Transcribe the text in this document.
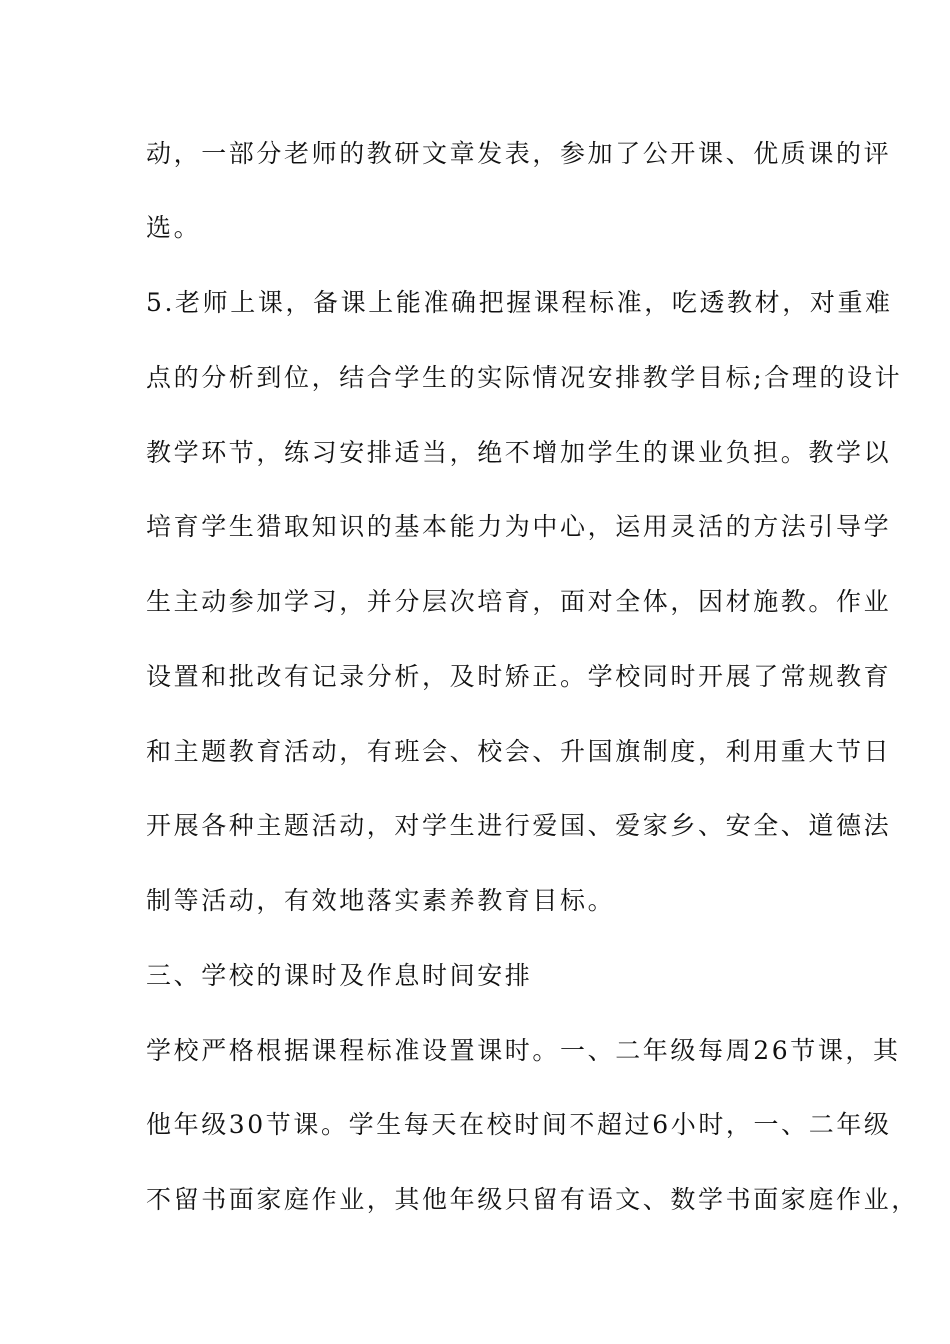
动，一部分老师的教研文章发表，参加了公开课、优质课的评
选。
5.老师上课，备课上能准确把握课程标准，吃透教材，对重难
点的分析到位，结合学生的实际情况安排教学目标;合理的设计
教学环节，练习安排适当，绝不增加学生的课业负担。教学以
培育学生猎取知识的基本能力为中心，运用灵活的方法引导学
生主动参加学习，并分层次培育，面对全体，因材施教。作业
设置和批改有记录分析，及时矫正。学校同时开展了常规教育
和主题教育活动，有班会、校会、升国旗制度，利用重大节日
开展各种主题活动，对学生进行爱国、爱家乡、安全、道德法
制等活动，有效地落实素养教育目标。
三、学校的课时及作息时间安排
学校严格根据课程标准设置课时。一、二年级每周26节课，其
他年级30节课。学生每天在校时间不超过6小时，一、二年级
不留书面家庭作业，其他年级只留有语文、数学书面家庭作业，
